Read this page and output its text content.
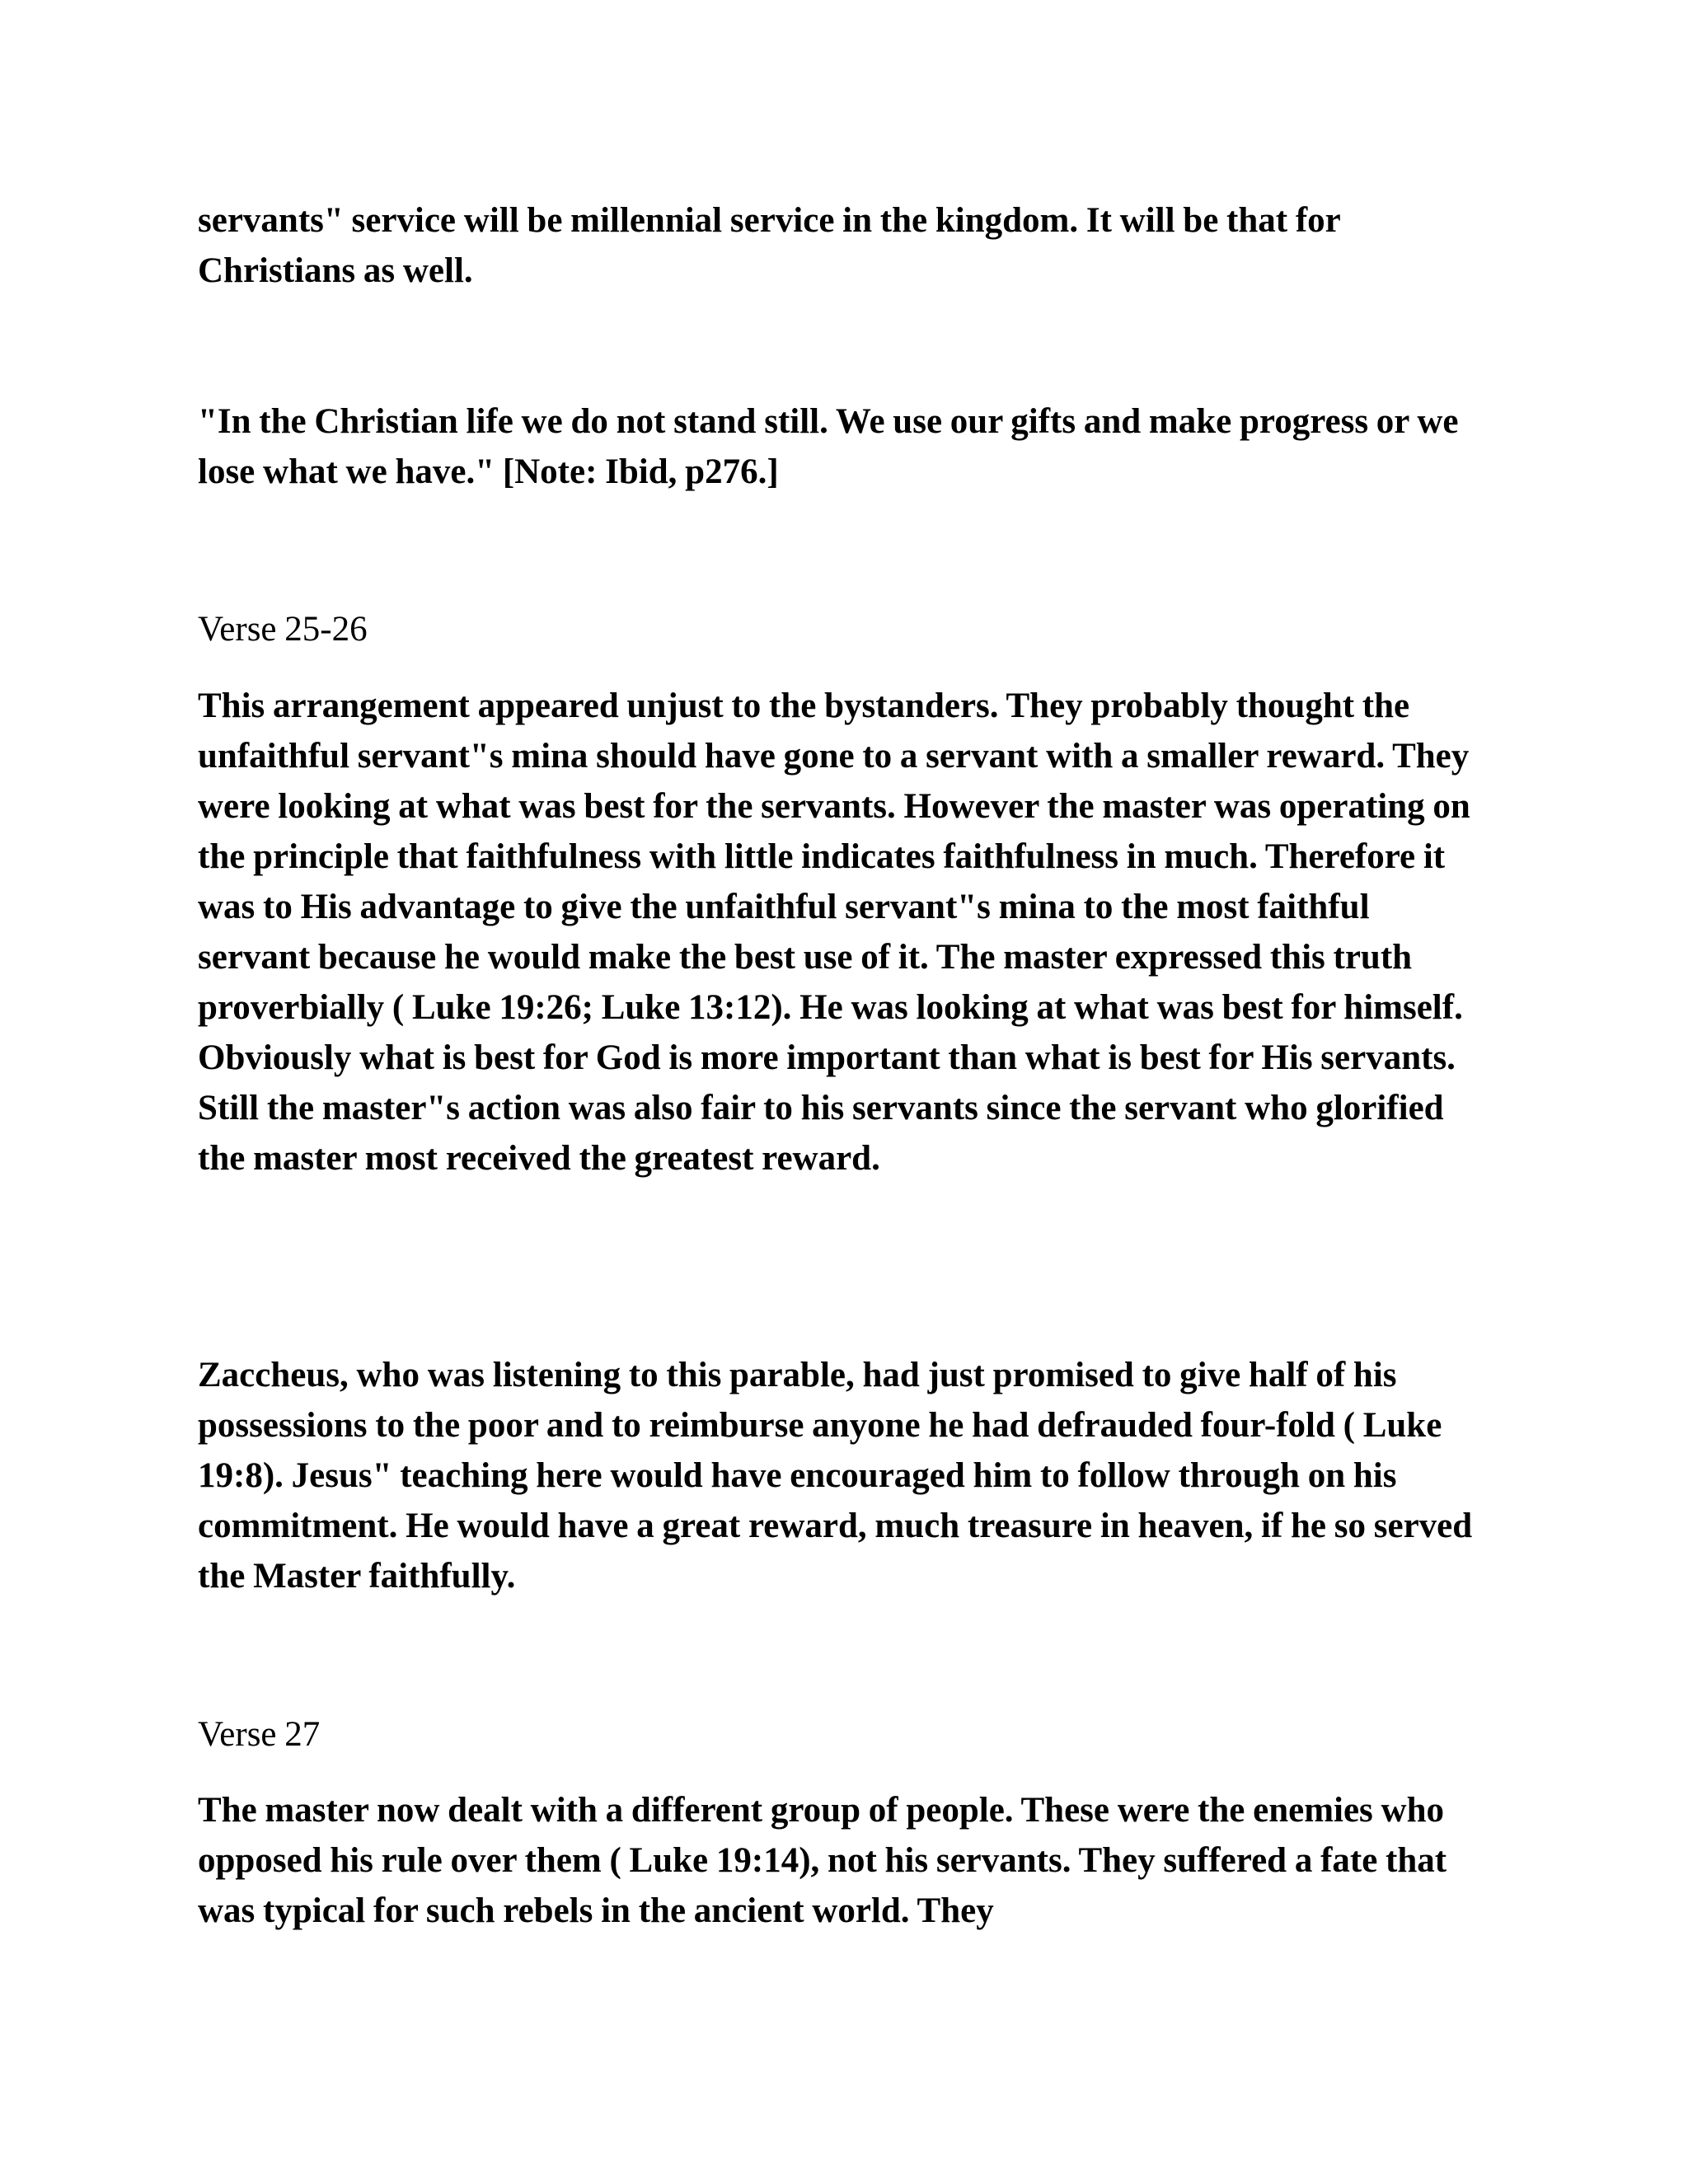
servants" service will be millennial service in the kingdom. It will be that for Christians as well.

"In the Christian life we do not stand still. We use our gifts and make progress or we lose what we have." [Note: Ibid, p276.]

Verse 25-26

This arrangement appeared unjust to the bystanders. They probably thought the unfaithful servant"s mina should have gone to a servant with a smaller reward. They were looking at what was best for the servants. However the master was operating on the principle that faithfulness with little indicates faithfulness in much. Therefore it was to His advantage to give the unfaithful servant"s mina to the most faithful servant because he would make the best use of it. The master expressed this truth proverbially ( Luke 19:26; Luke 13:12). He was looking at what was best for himself. Obviously what is best for God is more important than what is best for His servants. Still the master"s action was also fair to his servants since the servant who glorified the master most received the greatest reward.

Zaccheus, who was listening to this parable, had just promised to give half of his possessions to the poor and to reimburse anyone he had defrauded four-fold ( Luke 19:8). Jesus" teaching here would have encouraged him to follow through on his commitment. He would have a great reward, much treasure in heaven, if he so served the Master faithfully.

Verse 27

The master now dealt with a different group of people. These were the enemies who opposed his rule over them ( Luke 19:14), not his servants. They suffered a fate that was typical for such rebels in the ancient world. They
